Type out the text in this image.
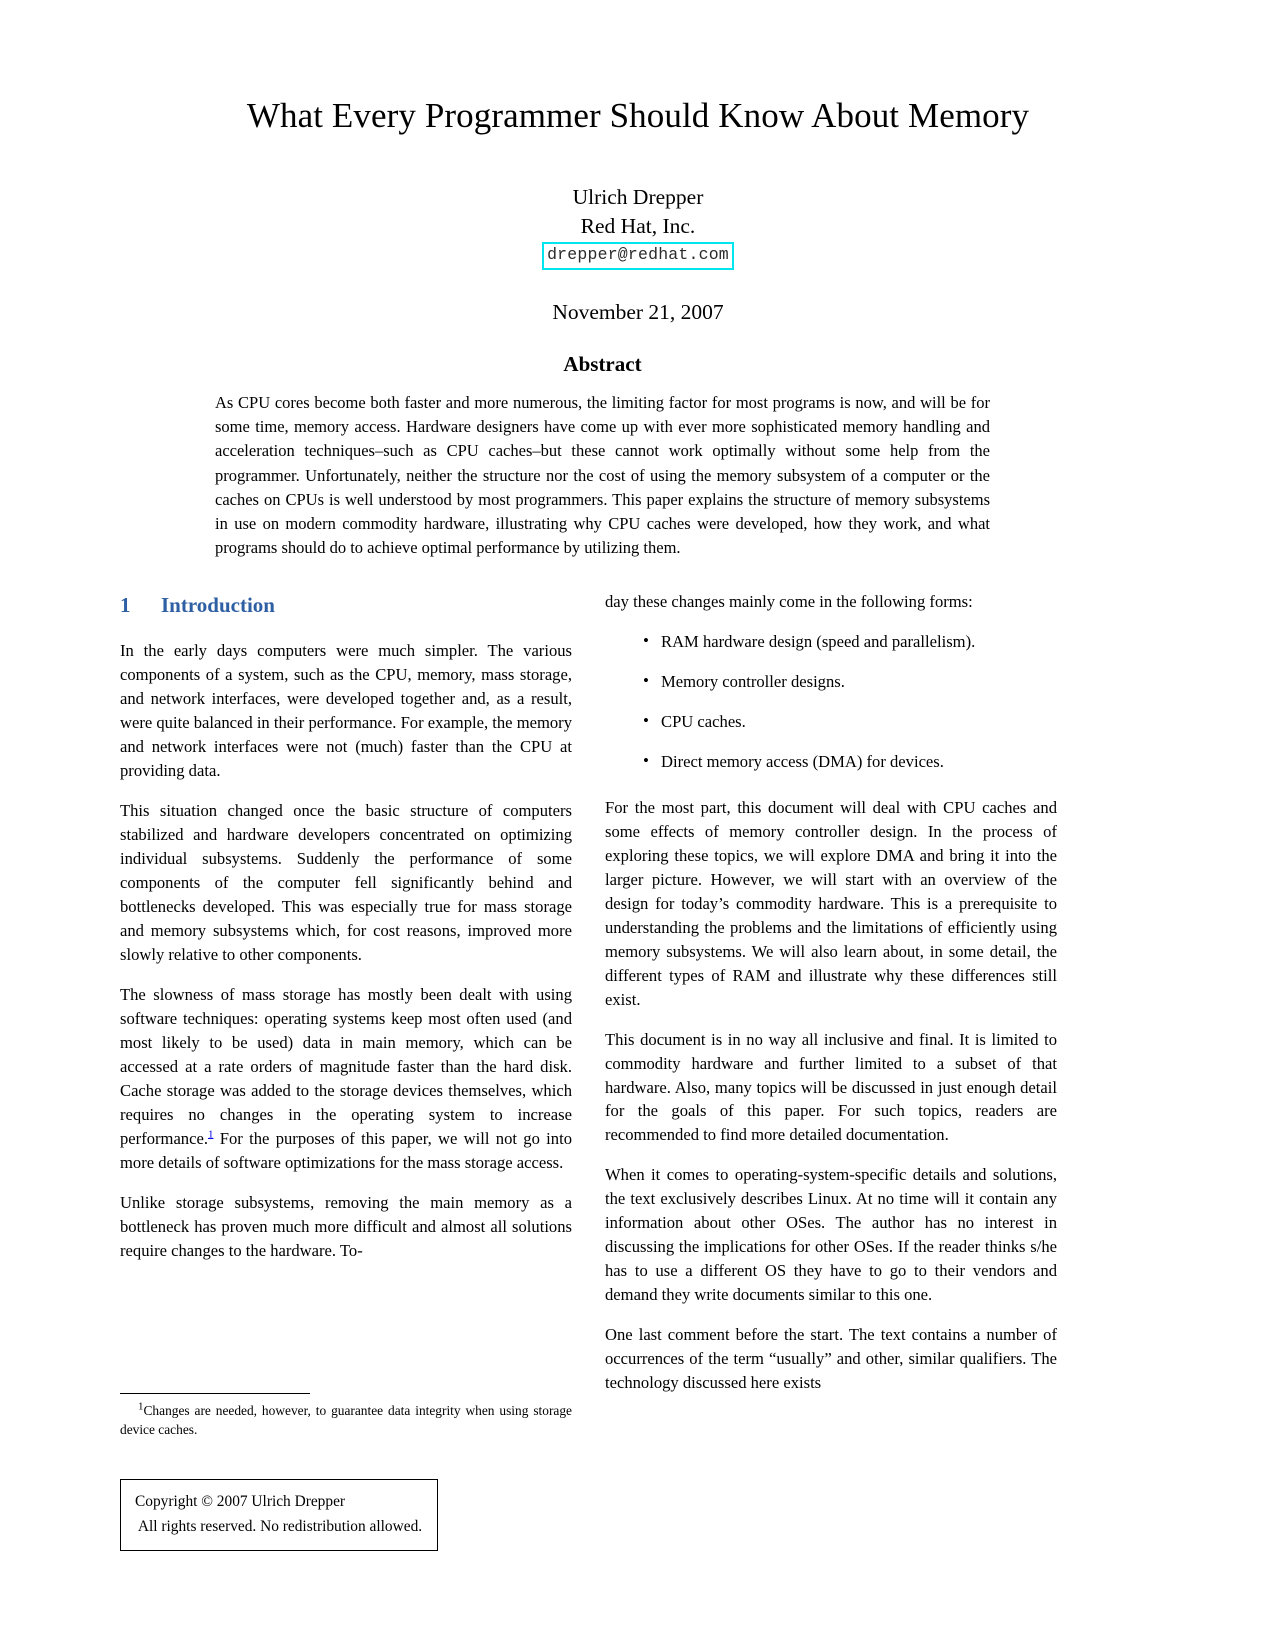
What Every Programmer Should Know About Memory
Ulrich Drepper
Red Hat, Inc.
drepper@redhat.com
November 21, 2007
Abstract

As CPU cores become both faster and more numerous, the limiting factor for most programs is now, and will be for some time, memory access. Hardware designers have come up with ever more sophisticated memory handling and acceleration techniques–such as CPU caches–but these cannot work optimally without some help from the programmer. Unfortunately, neither the structure nor the cost of using the memory subsystem of a computer or the caches on CPUs is well understood by most programmers. This paper explains the structure of memory subsystems in use on modern commodity hardware, illustrating why CPU caches were developed, how they work, and what programs should do to achieve optimal performance by utilizing them.

1	Introduction

In the early days computers were much simpler. The various components of a system, such as the CPU, memory, mass storage, and network interfaces, were developed together and, as a result, were quite balanced in their performance. For example, the memory and network interfaces were not (much) faster than the CPU at providing data.

This situation changed once the basic structure of computers stabilized and hardware developers concentrated on optimizing individual subsystems. Suddenly the performance of some components of the computer fell significantly behind and bottlenecks developed. This was especially true for mass storage and memory subsystems which, for cost reasons, improved more slowly relative to other components.

The slowness of mass storage has mostly been dealt with using software techniques: operating systems keep most often used (and most likely to be used) data in main memory, which can be accessed at a rate orders of magnitude faster than the hard disk. Cache storage was added to the storage devices themselves, which requires no changes in the operating system to increase performance.$^1$ For the purposes of this paper, we will not go into more details of software optimizations for the mass storage access.

Unlike storage subsystems, removing the main memory as a bottleneck has proven much more difficult and almost all solutions require changes to the hardware. To-

day these changes mainly come in the following forms:

• RAM hardware design (speed and parallelism).
• Memory controller designs.
• CPU caches.
• Direct memory access (DMA) for devices.

For the most part, this document will deal with CPU caches and some effects of memory controller design. In the process of exploring these topics, we will explore DMA and bring it into the larger picture. However, we will start with an overview of the design for today’s commodity hardware. This is a prerequisite to understanding the problems and the limitations of efficiently using memory subsystems. We will also learn about, in some detail, the different types of RAM and illustrate why these differences still exist.

This document is in no way all inclusive and final. It is limited to commodity hardware and further limited to a subset of that hardware. Also, many topics will be discussed in just enough detail for the goals of this paper. For such topics, readers are recommended to find more detailed documentation.

When it comes to operating-system-specific details and solutions, the text exclusively describes Linux. At no time will it contain any information about other OSes. The author has no interest in discussing the implications for other OSes. If the reader thinks s/he has to use a different OS they have to go to their vendors and demand they write documents similar to this one.

One last comment before the start. The text contains a number of occurrences of the term “usually” and other, similar qualifiers. The technology discussed here exists

$^1$Changes are needed, however, to guarantee data integrity when using storage device caches.

Copyright © 2007 Ulrich Drepper

All rights reserved. No redistribution allowed.
